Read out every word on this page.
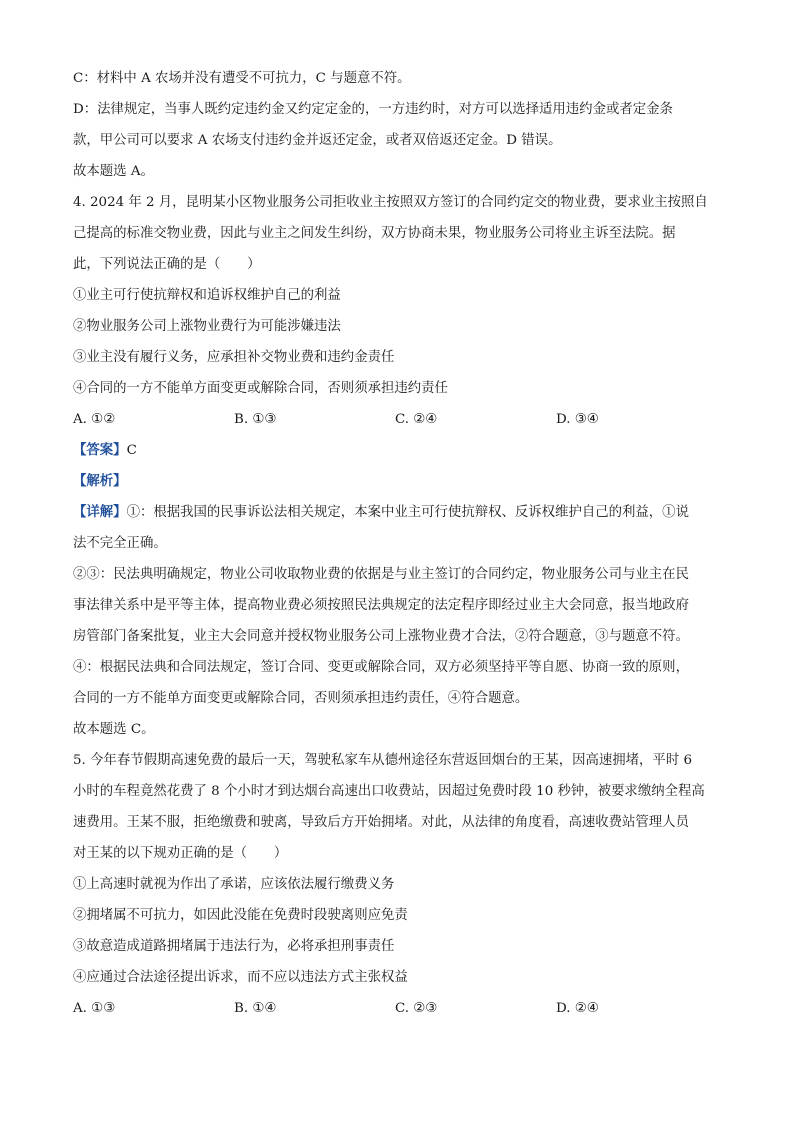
C：材料中 A 农场并没有遭受不可抗力，C 与题意不符。

D：法律规定，当事人既约定违约金又约定定金的，一方违约时，对方可以选择适用违约金或者定金条

款，甲公司可以要求 A 农场支付违约金并返还定金，或者双倍返还定金。D 错误。

故本题选 A。

4. 2024 年 2 月，昆明某小区物业服务公司拒收业主按照双方签订的合同约定交的物业费，要求业主按照自

己提高的标准交物业费，因此与业主之间发生纠纷，双方协商未果，物业服务公司将业主诉至法院。据

此，下列说法正确的是（　　）

①业主可行使抗辩权和追诉权维护自己的利益

②物业服务公司上涨物业费行为可能涉嫌违法

③业主没有履行义务，应承担补交物业费和违约金责任

④合同的一方不能单方面变更或解除合同，否则须承担违约责任

A. ①②	B. ①③	C. ②④	D. ③④

【答案】C

【解析】

【详解】①：根据我国的民事诉讼法相关规定，本案中业主可行使抗辩权、反诉权维护自己的利益，①说

法不完全正确。

②③：民法典明确规定，物业公司收取物业费的依据是与业主签订的合同约定，物业服务公司与业主在民

事法律关系中是平等主体，提高物业费必须按照民法典规定的法定程序即经过业主大会同意，报当地政府

房管部门备案批复，业主大会同意并授权物业服务公司上涨物业费才合法，②符合题意，③与题意不符。

④：根据民法典和合同法规定，签订合同、变更或解除合同，双方必须坚持平等自愿、协商一致的原则，

合同的一方不能单方面变更或解除合同，否则须承担违约责任，④符合题意。

故本题选 C。

5. 今年春节假期高速免费的最后一天，驾驶私家车从德州途径东营返回烟台的王某，因高速拥堵，平时 6

小时的车程竟然花费了 8 个小时才到达烟台高速出口收费站，因超过免费时段 10 秒钟，被要求缴纳全程高

速费用。王某不服，拒绝缴费和驶离，导致后方开始拥堵。对此，从法律的角度看，高速收费站管理人员

对王某的以下规劝正确的是（　　）

①上高速时就视为作出了承诺，应该依法履行缴费义务

②拥堵属不可抗力，如因此没能在免费时段驶离则应免责

③故意造成道路拥堵属于违法行为，必将承担刑事责任

④应通过合法途径提出诉求，而不应以违法方式主张权益

A. ①③	B. ①④	C. ②③	D. ②④
